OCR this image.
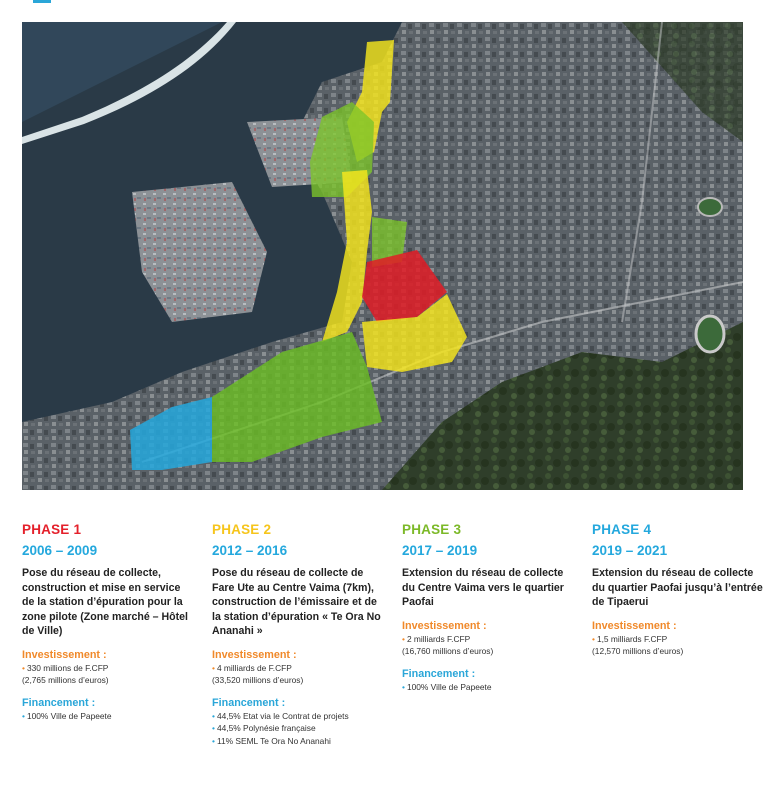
PHASE 1
2006 – 2009
Pose du réseau de collecte, construction et mise en service de la station d’épuration pour la zone pilote (Zone marché – Hôtel de Ville)
Investissement :
• 330 millions de F.CFP
(2,765 millions d’euros)
Financement :
• 100% Ville de Papeete
PHASE 2
2012 – 2016
Pose du réseau de collecte de Fare Ute au Centre Vaima (7km), construction de l’émissaire et de la station d’épuration « Te Ora No Ananahi »
Investissement :
• 4 milliards de F.CFP
(33,520 millions d’euros)
Financement :
• 44,5% Etat via le Contrat de projets
• 44,5% Polynésie française
• 11% SEML Te Ora No Ananahi
PHASE 3
2017 – 2019
Extension du réseau de collecte du Centre Vaima vers le quartier Paofai
Investissement :
• 2 milliards F.CFP
(16,760 millions d’euros)
Financement :
• 100% Ville de Papeete
PHASE 4
2019 – 2021
Extension du réseau de collecte du quartier Paofai jusqu’à l’entrée de Tipaerui
Investissement :
• 1,5 milliards F.CFP
(12,570 millions d’euros)
